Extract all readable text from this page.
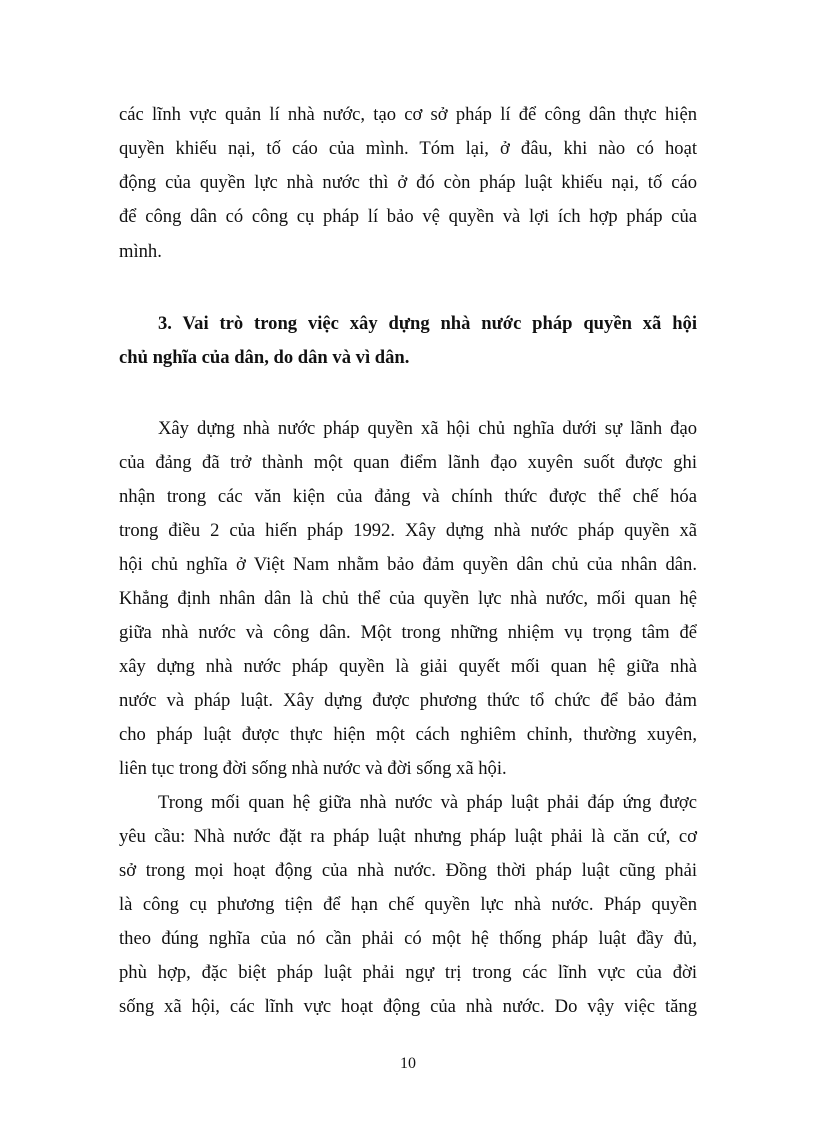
các lĩnh vực quản lí nhà nước, tạo cơ sở pháp lí để công dân thực hiện
quyền khiếu nại, tố cáo của mình. Tóm lại, ở đâu, khi nào có hoạt
động của quyền lực nhà nước thì ở đó còn pháp luật khiếu nại, tố cáo
để công dân có công cụ pháp lí bảo vệ quyền và lợi ích hợp pháp của
mình.
3. Vai trò trong việc xây dựng nhà nước pháp quyền xã hội
chủ nghĩa của dân, do dân và vì dân.
Xây dựng nhà nước pháp quyền xã hội chủ nghĩa dưới sự lãnh đạo
của đảng đã trở thành một quan điểm lãnh đạo xuyên suốt được ghi
nhận trong các văn kiện của đảng và chính thức được thể chế hóa
trong điều 2 của hiến pháp 1992. Xây dựng nhà nước pháp quyền xã
hội chủ nghĩa ở Việt Nam nhằm bảo đảm quyền dân chủ của nhân dân.
Khẳng định nhân dân là chủ thể của quyền lực nhà nước, mối quan hệ
giữa nhà nước và công dân. Một trong những nhiệm vụ trọng tâm để
xây dựng nhà nước pháp quyền là giải quyết mối quan hệ giữa nhà
nước và pháp luật. Xây dựng được phương thức tổ chức để bảo đảm
cho pháp luật được thực hiện một cách nghiêm chỉnh, thường xuyên,
liên tục trong đời sống nhà nước và đời sống xã hội.
Trong mối quan hệ giữa nhà nước và pháp luật phải đáp ứng được
yêu cầu: Nhà nước đặt ra pháp luật nhưng pháp luật phải là căn cứ, cơ
sở trong mọi hoạt động của nhà nước. Đồng thời pháp luật cũng phải
là công cụ phương tiện để hạn chế quyền lực nhà nước. Pháp quyền
theo đúng nghĩa của nó cần phải có một hệ thống pháp luật đầy đủ,
phù hợp, đặc biệt pháp luật phải ngự trị trong các lĩnh vực của đời
sống xã hội, các lĩnh vực hoạt động của nhà nước. Do vậy việc tăng
10
